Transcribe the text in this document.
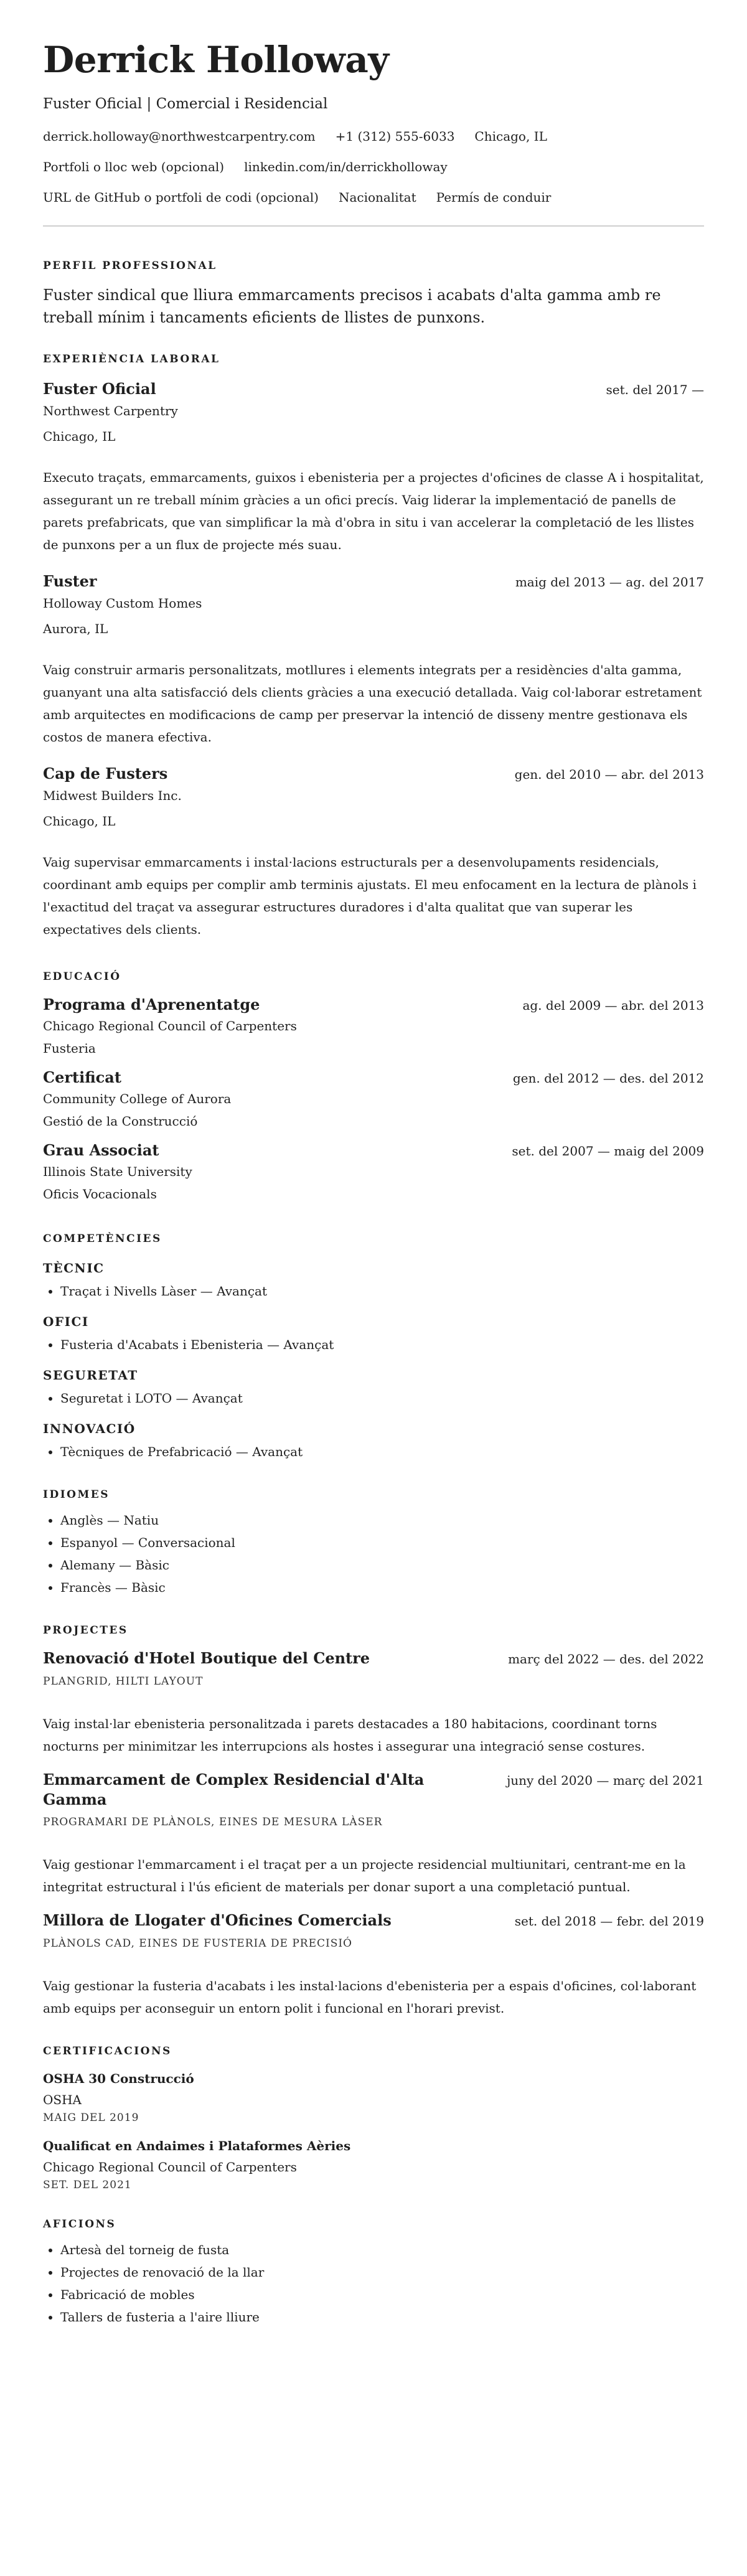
Derrick Holloway
Fuster Oficial | Comercial i Residencial
derrick.holloway@northwestcarpentry.com +1 (312) 555-6033 Chicago, IL
Portfoli o lloc web (opcional) linkedin.com/in/derrickholloway
URL de GitHub o portfoli de codi (opcional) Nacionalitat Permís de conduir
PERFIL PROFESSIONAL
Fuster sindical que lliura emmarcaments precisos i acabats d'alta gamma amb re treball mínim i tancaments eficients de llistes de punxons.
EXPERIÈNCIA LABORAL
Fuster Oficial	set. del 2017 —
Northwest Carpentry
Chicago, IL
Executo traçats, emmarcaments, guixos i ebenisteria per a projectes d'oficines de classe A i hospitalitat, assegurant un re treball mínim gràcies a un ofici precís. Vaig liderar la implementació de panells de parets prefabricats, que van simplificar la mà d'obra in situ i van accelerar la completació de les llistes de punxons per a un flux de projecte més suau.
Fuster	maig del 2013 — ag. del 2017
Holloway Custom Homes
Aurora, IL
Vaig construir armaris personalitzats, motllures i elements integrats per a residències d'alta gamma, guanyant una alta satisfacció dels clients gràcies a una execució detallada. Vaig col·laborar estretament amb arquitectes en modificacions de camp per preservar la intenció de disseny mentre gestionava els costos de manera efectiva.
Cap de Fusters	gen. del 2010 — abr. del 2013
Midwest Builders Inc.
Chicago, IL
Vaig supervisar emmarcaments i instal·lacions estructurals per a desenvolupaments residencials, coordinant amb equips per complir amb terminis ajustats. El meu enfocament en la lectura de plànols i l'exactitud del traçat va assegurar estructures duradores i d'alta qualitat que van superar les expectatives dels clients.
EDUCACIÓ
Programa d'Aprenentatge	ag. del 2009 — abr. del 2013
Chicago Regional Council of Carpenters
Fusteria
Certificat	gen. del 2012 — des. del 2012
Community College of Aurora
Gestió de la Construcció
Grau Associat	set. del 2007 — maig del 2009
Illinois State University
Oficis Vocacionals
COMPETÈNCIES
TÈCNIC
• Traçat i Nivells Làser — Avançat
OFICI
• Fusteria d'Acabats i Ebenisteria — Avançat
SEGURETAT
• Seguretat i LOTO — Avançat
INNOVACIÓ
• Tècniques de Prefabricació — Avançat
IDIOMES
• Anglès — Natiu
• Espanyol — Conversacional
• Alemany — Bàsic
• Francès — Bàsic
PROJECTES
Renovació d'Hotel Boutique del Centre	març del 2022 — des. del 2022
PLANGRID, HILTI LAYOUT
Vaig instal·lar ebenisteria personalitzada i parets destacades a 180 habitacions, coordinant torns nocturns per minimitzar les interrupcions als hostes i assegurar una integració sense costures.
Emmarcament de Complex Residencial d'Alta Gamma
juny del 2020 — març del 2021
PROGRAMARI DE PLÀNOLS, EINES DE MESURA LÀSER
Vaig gestionar l'emmarcament i el traçat per a un projecte residencial multiunitari, centrant-me en la integritat estructural i l'ús eficient de materials per donar suport a una completació puntual.
Millora de Llogater d'Oficines Comercials	set. del 2018 — febr. del 2019
PLÀNOLS CAD, EINES DE FUSTERIA DE PRECISIÓ
Vaig gestionar la fusteria d'acabats i les instal·lacions d'ebenisteria per a espais d'oficines, col·laborant amb equips per aconseguir un entorn polit i funcional en l'horari previst.
CERTIFICACIONS
OSHA 30 Construcció
OSHA
MAIG DEL 2019
Qualificat en Andaimes i Plataformes Aèries
Chicago Regional Council of Carpenters
SET. DEL 2021
AFICIONS
• Artesà del torneig de fusta
• Projectes de renovació de la llar
• Fabricació de mobles
• Tallers de fusteria a l'aire lliure
